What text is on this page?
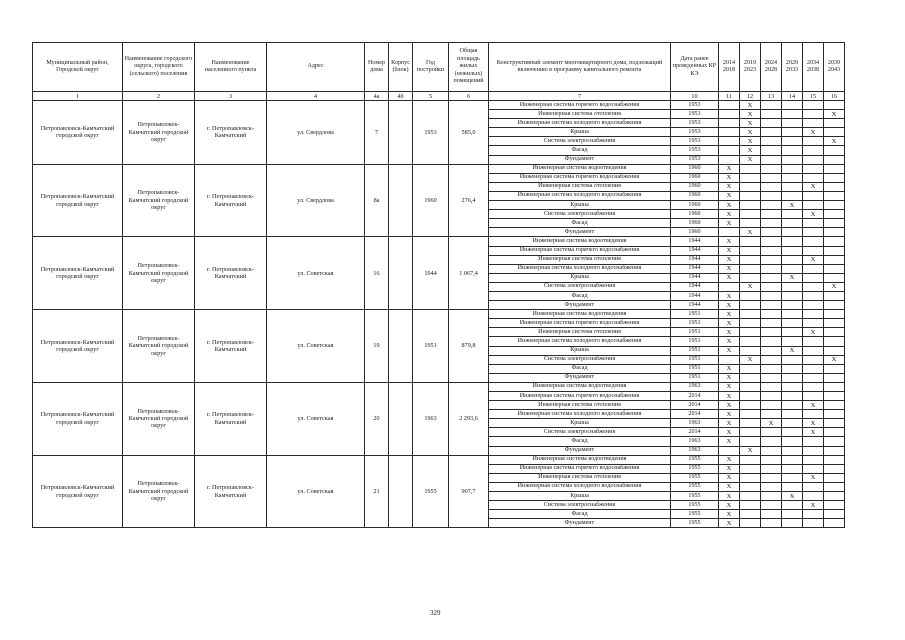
Муниципальный район, Городской округ	Наименование городского округа, городского (сельского) поселения	Наименование населенного пункта	Адрес	Номер дома	Корпус (блок)	Год постройки	Общая площадь жилых (нежилых) помещений	Конструктивный элемент многоквартирного дома, подлежащий включению в программу капитального ремонта	Дата ранее проведенных КР КЭ	2014 2018	2019 2023	2024 2028	2029 2033	2034 2038	2039 2043
1	2	3	4	4а	4б	5	6	7	10	11	12	13	14	15	16
Петропавловск-Камчатский городской округ	Петропавловск-Камчатский городской округ	г. Петропавловск-Камчатский	ул. Свердлова	7		1953	585,0	Инженерная система горячего водоснабжения	1953		X				
								Инженерная система отопления	1953		X				X
								Инженерная система холодного водоснабжения	1953		X				
								Крыша	1953		X			X	
								Система электроснабжения	1953		X				X
								Фасад	1953		X				
								Фундамент	1953		X				
Петропавловск-Камчатский городской округ	Петропавловск-Камчатский городской округ	г. Петропавловск-Камчатский	ул. Свердлова	8а		1960	276,4	Инженерная система водоотведения	1960	X					
								Инженерная система горячего водоснабжения	1960	X					
								Инженерная система отопления	1960	X				X	
								Инженерная система холодного водоснабжения	1960	X					
								Крыша	1960	X			X		
								Система электроснабжения	1960	X				X	
								Фасад	1960	X					
								Фундамент	1960		X				
Петропавловск-Камчатский городской округ	Петропавловск-Камчатский городской округ	г. Петропавловск-Камчатский	ул. Советская	16		1944	1 067,4	Инженерная система водоотведения	1944	X					
								Инженерная система горячего водоснабжения	1944	X					
								Инженерная система отопления	1944	X				X	
								Инженерная система холодного водоснабжения	1944	X					
								Крыша	1944	X			X		
								Система электроснабжения	1944		X				X
								Фасад	1944	X					
								Фундамент	1944	X					
Петропавловск-Камчатский городской округ	Петропавловск-Камчатский городской округ	г. Петропавловск-Камчатский	ул. Советская	19		1951	879,8	Инженерная система водоотведения	1951	X					
								Инженерная система горячего водоснабжения	1951	X					
								Инженерная система отопления	1951	X				X	
								Инженерная система холодного водоснабжения	1951	X					
								Крыша	1951	X			X		
								Система электроснабжения	1951		X				X
								Фасад	1951	X					
								Фундамент	1951	X					
Петропавловск-Камчатский городской округ	Петропавловск-Камчатский городской округ	г. Петропавловск-Камчатский	ул. Советская	20		1963	2 293,6	Инженерная система водоотведения	1963	X					
								Инженерная система горячего водоснабжения	2014	X					
								Инженерная система отопления	2014	X				X	
								Инженерная система холодного водоснабжения	2014	X					
								Крыша	1963	X		X		X	
								Система электроснабжения	2014	X				X	
								Фасад	1963	X					
								Фундамент	1963		X				
Петропавловск-Камчатский городской округ	Петропавловск-Камчатский городской округ	г. Петропавловск-Камчатский	ул. Советская	21		1955	907,7	Инженерная система водоотведения	1955	X					
								Инженерная система горячего водоснабжения	1955	X					
								Инженерная система отопления	1955	X				X	
								Инженерная система холодного водоснабжения	1955	X					
								Крыша	1955	X			X		
								Система электроснабжения	1955	X				X	
								Фасад	1955	X					
								Фундамент	1955	X					
329
